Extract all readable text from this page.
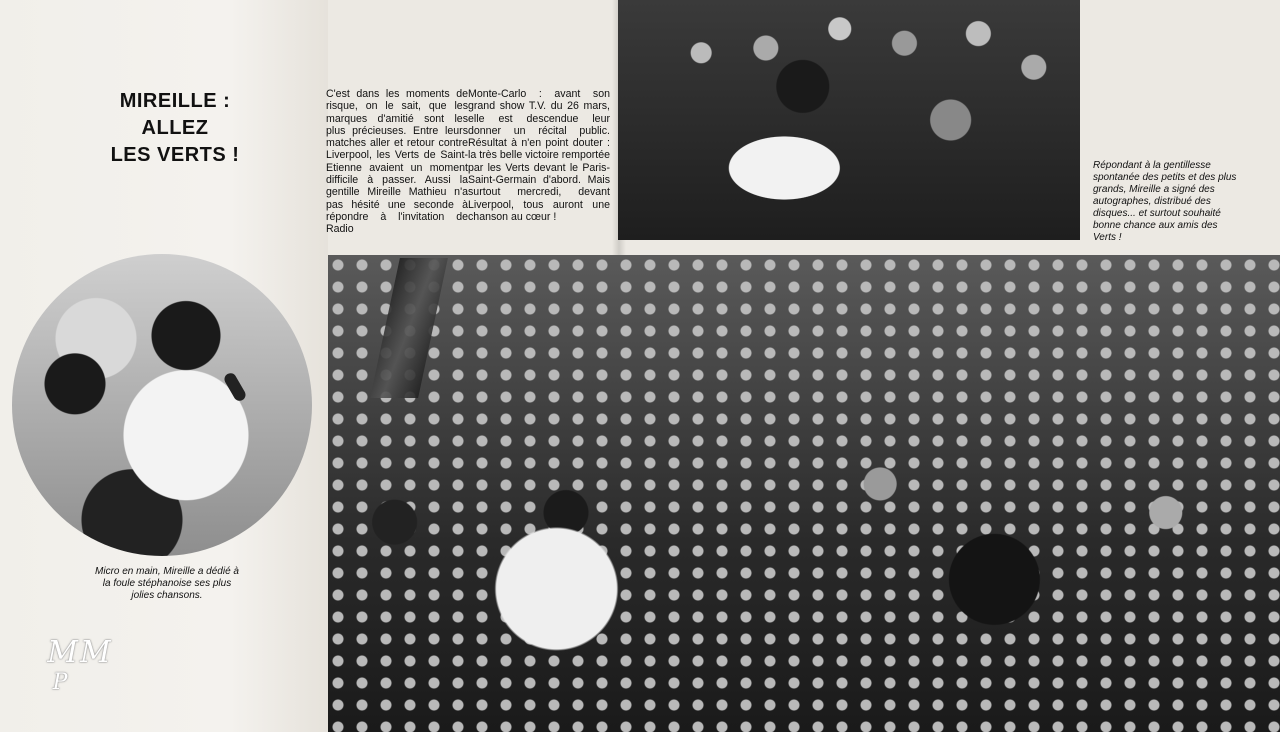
MIREILLE :
ALLEZ
LES VERTS !

C'est dans les moments de risque, on le sait, que les marques d'amitié sont les plus précieuses. Entre leurs matches aller et retour contre Liverpool, les Verts de Saint-Etienne avaient un moment difficile à passer. Aussi la gentille Mireille Mathieu n'a pas hésité une seconde à répondre à l'invitation de Radio

Monte-Carlo : avant son grand show T.V. du 26 mars, elle est descendue leur donner un récital public. Résultat à n'en point douter : la très belle victoire remportée par les Verts devant le Paris-Saint-Germain d'abord. Mais surtout mercredi, devant Liverpool, tous auront une chanson au cœur !

Répondant à la gentillesse spontanée des petits et des plus grands, Mireille a signé des autographes, distribué des disques... et surtout souhaité bonne chance aux amis des Verts !

Micro en main, Mireille a dédié à la foule stéphanoise ses plus jolies chansons.

MM
P
